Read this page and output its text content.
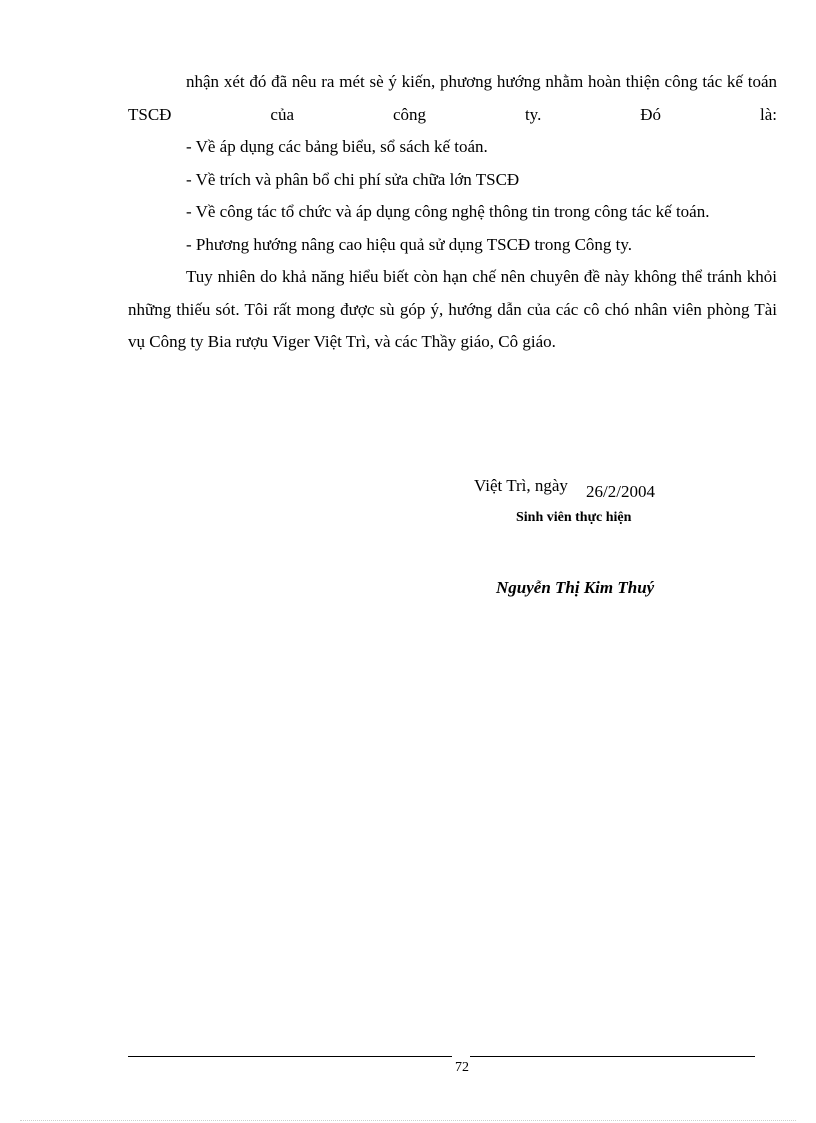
nhận xét đó đã nêu ra mét sè ý kiến, phương hướng nhằm hoàn thiện công tác kế toán TSCĐ của công ty. Đó là:

- Về áp dụng các bảng biểu, sổ sách kế toán.

- Về trích và phân bổ chi phí sửa chữa lớn TSCĐ

- Về công tác tổ chức và áp dụng công nghệ thông tin trong công tác kế toán.

- Phương hướng nâng cao hiệu quả sử dụng TSCĐ trong Công ty.

Tuy nhiên do khả năng hiểu biết còn hạn chế nên chuyên đề này không thể tránh khỏi những thiếu sót. Tôi rất mong được sù góp ý, hướng dẫn của các cô chó nhân viên phòng Tài vụ Công ty Bia rượu Viger Việt Trì, và các Thầy giáo, Cô giáo.

Việt Trì, ngày 26/2/2004
Sinh viên thực hiện
Nguyễn Thị Kim Thuý
72
